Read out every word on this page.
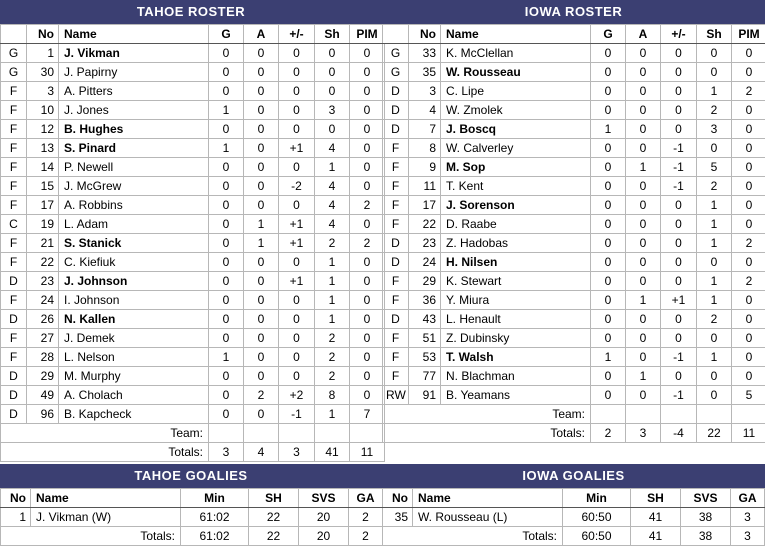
TAHOE ROSTER
	No	Name	G	A	+/-	Sh	PIM
G	1	J. Vikman	0	0	0	0	0
G	30	J. Papirny	0	0	0	0	0
F	3	A. Pitters	0	0	0	0	0
F	10	J. Jones	1	0	0	3	0
F	12	B. Hughes	0	0	0	0	0
F	13	S. Pinard	1	0	+1	4	0
F	14	P. Newell	0	0	0	1	0
F	15	J. McGrew	0	0	-2	4	0
F	17	A. Robbins	0	0	0	4	2
C	19	L. Adam	0	1	+1	4	0
F	21	S. Stanick	0	1	+1	2	2
F	22	C. Kiefiuk	0	0	0	1	0
D	23	J. Johnson	0	0	+1	1	0
F	24	I. Johnson	0	0	0	1	0
D	26	N. Kallen	0	0	0	1	0
F	27	J. Demek	0	0	0	2	0
F	28	L. Nelson	1	0	0	2	0
D	29	M. Murphy	0	0	0	2	0
D	49	A. Cholach	0	2	+2	8	0
D	96	B. Kapcheck	0	0	-1	1	7
Team:							
Totals:			3	4	3	41	11
IOWA ROSTER
	No	Name	G	A	+/-	Sh	PIM
G	33	K. McClellan	0	0	0	0	0
G	35	W. Rousseau	0	0	0	0	0
D	3	C. Lipe	0	0	0	1	2
D	4	W. Zmolek	0	0	0	2	0
D	7	J. Boscq	1	0	0	3	0
F	8	W. Calverley	0	0	-1	0	0
F	9	M. Sop	0	1	-1	5	0
F	11	T. Kent	0	0	-1	2	0
F	17	J. Sorenson	0	0	0	1	0
F	22	D. Raabe	0	0	0	1	0
D	23	Z. Hadobas	0	0	0	1	2
D	24	H. Nilsen	0	0	0	0	0
F	29	K. Stewart	0	0	0	1	2
F	36	Y. Miura	0	1	+1	1	0
D	43	L. Henault	0	0	0	2	0
F	51	Z. Dubinsky	0	0	0	0	0
F	53	T. Walsh	1	0	-1	1	0
F	77	N. Blachman	0	1	0	0	0
RW	91	B. Yeamans	0	0	-1	0	5
Team:							
Totals:			2	3	-4	22	11
TAHOE GOALIES
No	Name	Min	SH	SVS	GA
1	J. Vikman (W)	61:02	22	20	2
Totals:		61:02	22	20	2
IOWA GOALIES
No	Name	Min	SH	SVS	GA
35	W. Rousseau (L)	60:50	41	38	3
Totals:		60:50	41	38	3
